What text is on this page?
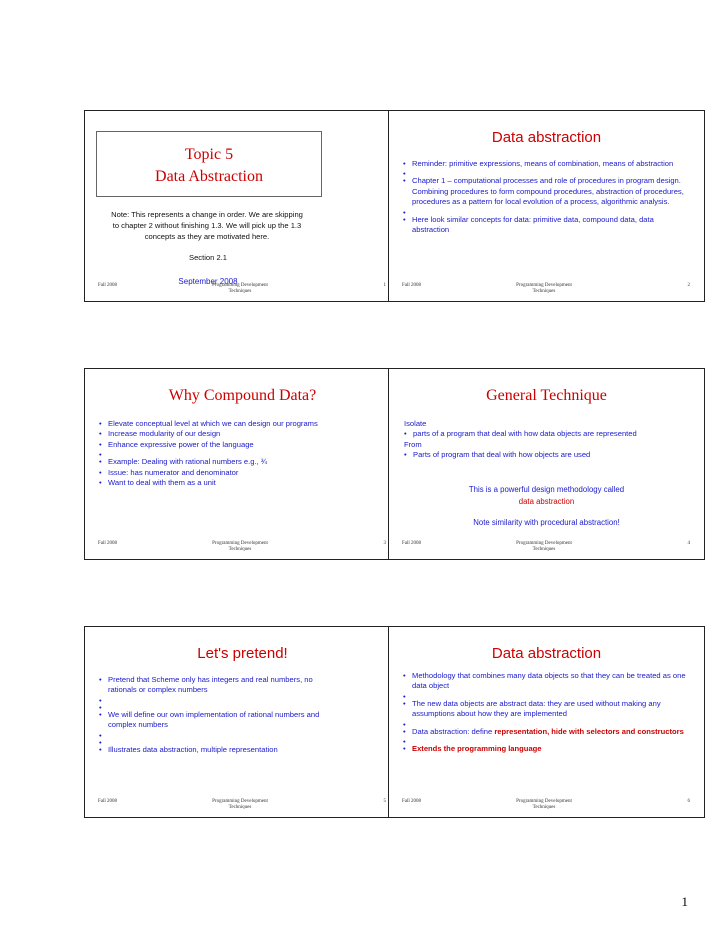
Topic 5
Data Abstraction
Note: This represents a change in order. We are skipping to chapter 2 without finishing 1.3. We will pick up the 1.3 concepts as they are motivated here.
Section 2.1
September 2008
Fall 2008	Programming Development
Techniques
1
Data abstraction
• Reminder: primitive expressions, means of combination, means of abstraction
•
• Chapter 1 – computational processes and role of procedures in program design. Combining procedures to form compound procedures, abstraction of procedures, procedures as a pattern for local evolution of a process, algorithmic analysis.
•
• Here look similar concepts for data: primitive data, compound data, data abstraction
Fall 2008	Programming Development
Techniques
2
Why Compound Data?
• Elevate conceptual level at which we can design our programs
• Increase modularity of our design
• Enhance expressive power of the language
•
• Example: Dealing with rational numbers e.g., ¾
• Issue: has numerator and denominator
• Want to deal with them as a unit
Fall 2008	Programming Development
Techniques
3
General Technique
Isolate
• parts of a program that deal with how data objects are represented
From
• Parts of program that deal with how objects are used
This is a powerful design methodology called
data abstraction
Note similarity with procedural abstraction!
Fall 2008	Programming Development
Techniques
4
Let's pretend!
• Pretend that Scheme only has integers and real numbers, no rationals or complex numbers
•
•
• We will define our own implementation of rational numbers and complex numbers
•
•
• Illustrates data abstraction, multiple representation
Fall 2008	Programming Development
Techniques
5
Data abstraction
• Methodology that combines many data objects so that they can be treated as one data object
•
• The new data objects are abstract data: they are used without making any assumptions about how they are implemented
•
• Data abstraction: define representation, hide with selectors and constructors
•
• Extends the programming language
Fall 2008	Programming Development
Techniques
6
1
